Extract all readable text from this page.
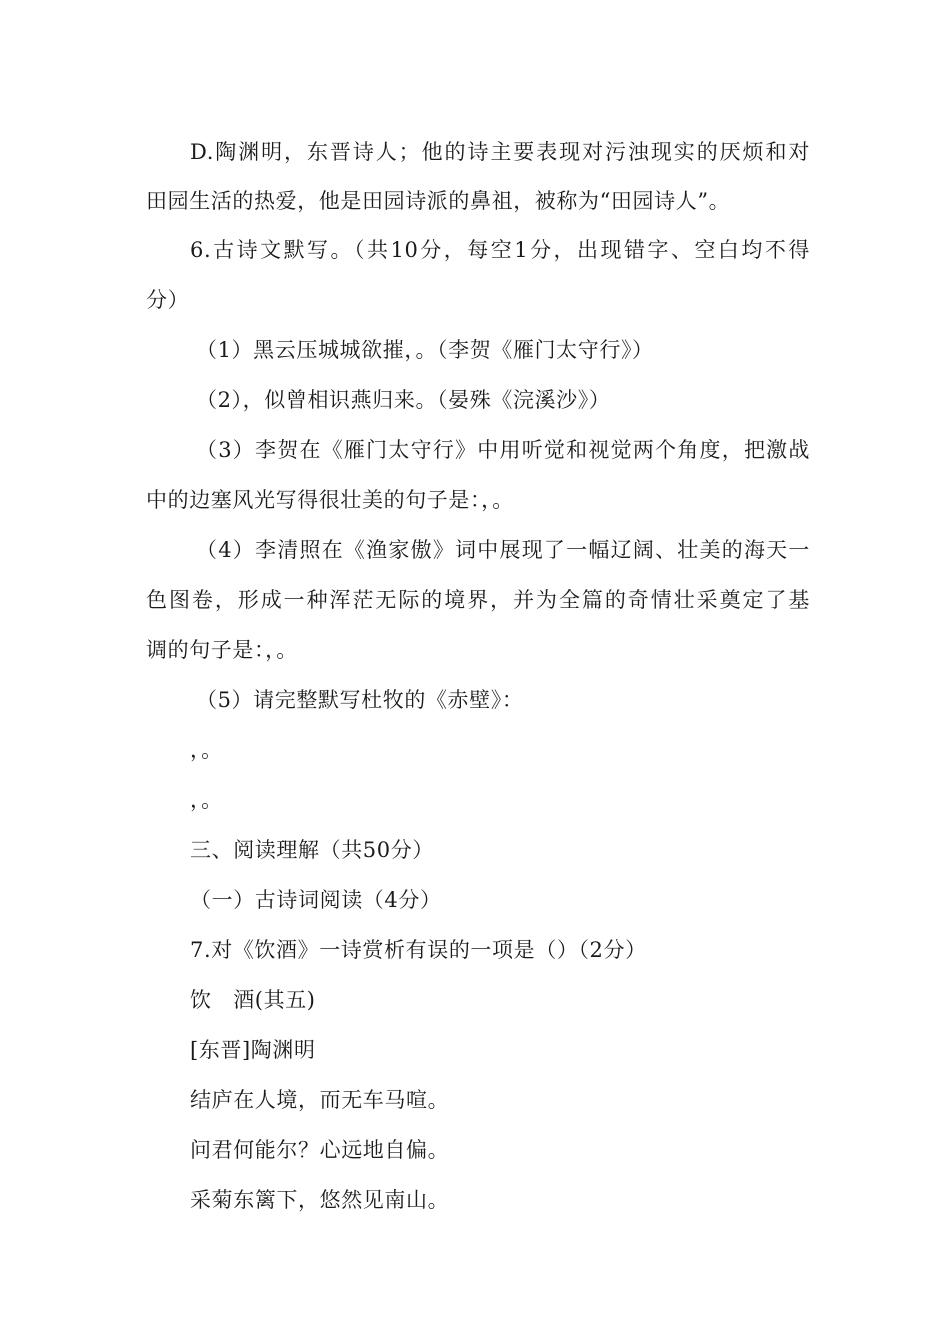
D.陶渊明，东晋诗人；他的诗主要表现对污浊现实的厌烦和对
田园生活的热爱，他是田园诗派的鼻祖，被称为“田园诗人”。
6.古诗文默写。（共10分，每空1分，出现错字、空白均不得
分）
（1）黑云压城城欲摧，。（李贺《雁门太守行》）
（2），似曾相识燕归来。（晏殊《浣溪沙》）
（3）李贺在《雁门太守行》中用听觉和视觉两个角度，把激战
中的边塞风光写得很壮美的句子是：，。
（4）李清照在《渔家傲》词中展现了一幅辽阔、壮美的海天一
色图卷，形成一种浑茫无际的境界，并为全篇的奇情壮采奠定了基
调的句子是：，。
（5）请完整默写杜牧的《赤壁》：
，。
，。
三、阅读理解（共50分）
（一）古诗词阅读（4分）
7.对《饮酒》一诗赏析有误的一项是（）（2分）
饮　酒(其五)
[东晋]陶渊明
结庐在人境，而无车马喧。
问君何能尔？心远地自偏。
采菊东篱下，悠然见南山。
